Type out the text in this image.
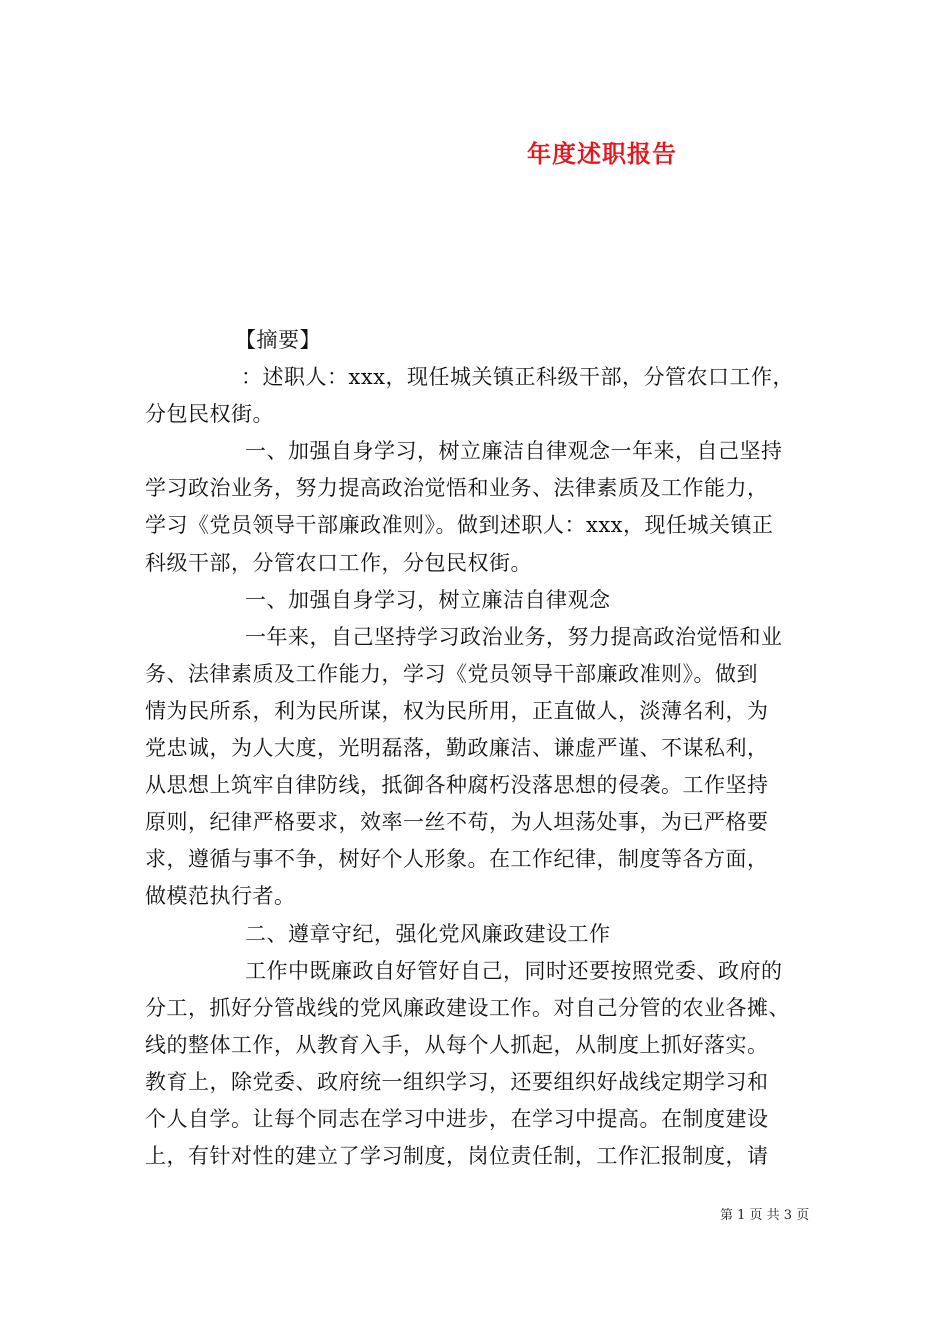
年度述职报告
【摘要】
：述职人：xxx，现任城关镇正科级干部，分管农口工作，
分包民权街。
一、加强自身学习，树立廉洁自律观念一年来，自己坚持
学习政治业务，努力提高政治觉悟和业务、法律素质及工作能力，
学习《党员领导干部廉政准则》。做到述职人：xxx，现任城关镇正
科级干部，分管农口工作，分包民权街。
一、加强自身学习，树立廉洁自律观念
一年来，自己坚持学习政治业务，努力提高政治觉悟和业
务、法律素质及工作能力，学习《党员领导干部廉政准则》。做到
情为民所系，利为民所谋，权为民所用，正直做人，淡薄名利，为
党忠诚，为人大度，光明磊落，勤政廉洁、谦虚严谨、不谋私利，
从思想上筑牢自律防线，抵御各种腐朽没落思想的侵袭。工作坚持
原则，纪律严格要求，效率一丝不苟，为人坦荡处事，为已严格要
求，遵循与事不争，树好个人形象。在工作纪律，制度等各方面，
做模范执行者。
二、遵章守纪，强化党风廉政建设工作
工作中既廉政自好管好自己，同时还要按照党委、政府的
分工，抓好分管战线的党风廉政建设工作。对自己分管的农业各摊、
线的整体工作，从教育入手，从每个人抓起，从制度上抓好落实。
教育上，除党委、政府统一组织学习，还要组织好战线定期学习和
个人自学。让每个同志在学习中进步，在学习中提高。在制度建设
上，有针对性的建立了学习制度，岗位责任制，工作汇报制度，请
第 1 页 共 3 页
